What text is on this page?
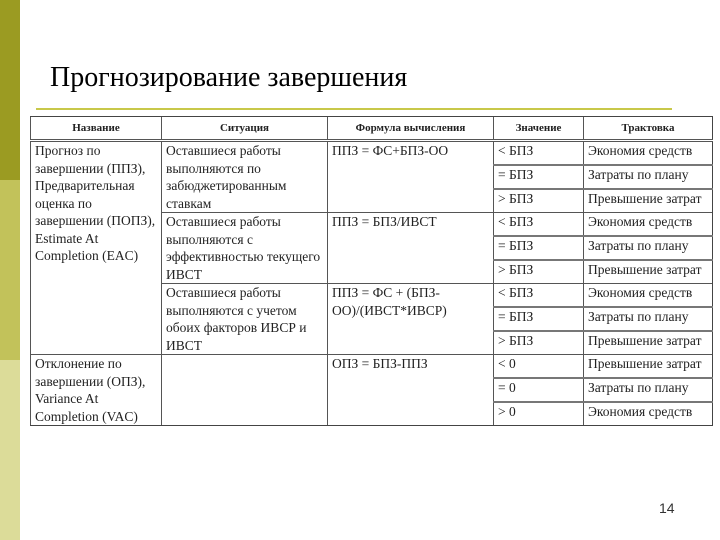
Прогнозирование завершения
Название	Ситуация	Формула вычисления	Значение	Трактовка
Прогноз по завершении (ППЗ), Предварительная оценка по завершении (ПОПЗ), Estimate At Completion (EAC)	Оставшиеся работы выполняются по забюджетированным ставкам	ППЗ = ФС+БПЗ-ОО	< БПЗ	Экономия средств
			= БПЗ	Затраты по плану
			> БПЗ	Превышение затрат
	Оставшиеся работы выполняются с эффективностью текущего ИВСТ	ППЗ = БПЗ/ИВСТ	< БПЗ	Экономия средств
			= БПЗ	Затраты по плану
			> БПЗ	Превышение затрат
	Оставшиеся работы выполняются с учетом обоих факторов ИВСР и ИВСТ	ППЗ = ФС + (БПЗ-ОО)/(ИВСТ*ИВСР)	< БПЗ	Экономия средств
			= БПЗ	Затраты по плану
			> БПЗ	Превышение затрат
Отклонение по завершении (ОПЗ), Variance At Completion (VAC)		ОПЗ = БПЗ-ППЗ	< 0	Превышение затрат
			= 0	Затраты по плану
			> 0	Экономия средств
14
